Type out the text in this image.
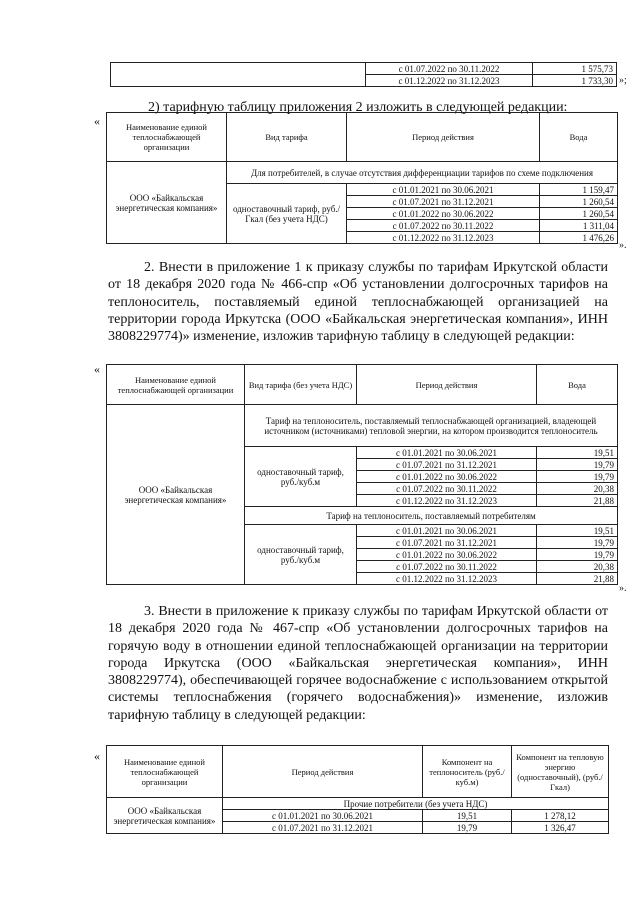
	с 01.07.2022 по 30.11.2022	1 575,73
	с 01.12.2022 по 31.12.2023	1 733,30 »;
2) тарифную таблицу приложения 2 изложить в следующей редакции:
«	Наименование единой теплоснабжающей организации	Вид тарифа	Период действия	Вода
ООО «Байкальская энергетическая компания»	Для потребителей, в случае отсутствия дифференциации тарифов по схеме подключения		
	одноставочный тариф, руб./Гкал (без учета НДС)	с 01.01.2021 по 30.06.2021	1 159,47
		с 01.07.2021 по 31.12.2021	1 260,54
		с 01.01.2022 по 30.06.2022	1 260,54
		с 01.07.2022 по 30.11.2022	1 311,04
		с 01.12.2022 по 31.12.2023	1 476,26
».
2. Внести в приложение 1 к приказу службы по тарифам Иркутской области от 18 декабря 2020 года № 466-спр «Об установлении долгосрочных тарифов на теплоноситель, поставляемый единой теплоснабжающей организацией на территории города Иркутска (ООО «Байкальская энергетическая компания», ИНН 3808229774)» изменение, изложив тарифную таблицу в следующей редакции:
«
Наименование единой теплоснабжающей организации	Вид тарифа (без учета НДС)	Период действия	Вода
ООО «Байкальская энергетическая компания»	Тариф на теплоноситель, поставляемый теплоснабжающей организацией, владеющей источником (источниками) тепловой энергии, на котором производится теплоноситель		
	одноставочный тариф, руб./куб.м	с 01.01.2021 по 30.06.2021	19,51
		с 01.07.2021 по 31.12.2021	19,79
		с 01.01.2022 по 30.06.2022	19,79
		с 01.07.2022 по 30.11.2022	20,38
		с 01.12.2022 по 31.12.2023	21,88
	Тариф на теплоноситель, поставляемый потребителям		
	одноставочный тариф, руб./куб.м	с 01.01.2021 по 30.06.2021	19,51
		с 01.07.2021 по 31.12.2021	19,79
		с 01.01.2022 по 30.06.2022	19,79
		с 01.07.2022 по 30.11.2022	20,38
		с 01.12.2022 по 31.12.2023	21,88
».
3. Внести в приложение к приказу службы по тарифам Иркутской области от 18 декабря 2020 года № 467-спр «Об установлении долгосрочных тарифов на горячую воду в отношении единой теплоснабжающей организации на территории города Иркутска (ООО «Байкальская энергетическая компания», ИНН 3808229774), обеспечивающей горячее водоснабжение с использованием открытой системы теплоснабжения (горячего водоснабжения)» изменение, изложив тарифную таблицу в следующей редакции:
«	Наименование единой теплоснабжающей организации	Период действия	Компонент на теплоноситель (руб./куб.м)	Компонент на тепловую энергию (одноставочный), (руб./Гкал)
ООО «Байкальская энергетическая компания»	Прочие потребители (без учета НДС)		
	с 01.01.2021 по 30.06.2021	19,51	1 278,12
	с 01.07.2021 по 31.12.2021	19,79	1 326,47
